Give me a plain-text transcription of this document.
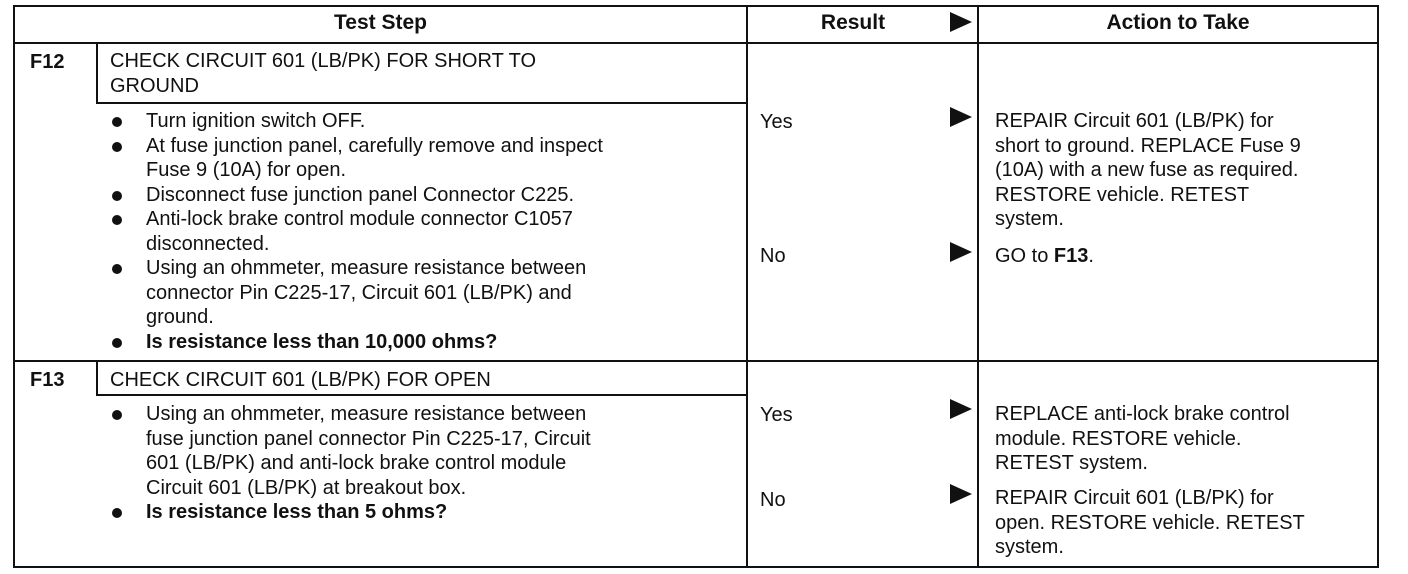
Test Step	Result	Action to Take
F12 CHECK CIRCUIT 601 (LB/PK) FOR SHORT TO
GROUND
Turn ignition switch OFF.
At fuse junction panel, carefully remove and inspect
Fuse 9 (10A) for open.
Disconnect fuse junction panel Connector C225.
Anti-lock brake control module connector C1057
disconnected.
Using an ohmmeter, measure resistance between
connector Pin C225-17, Circuit 601 (LB/PK) and
ground.
Is resistance less than 10,000 ohms?
Yes	REPAIR Circuit 601 (LB/PK) for
short to ground. REPLACE Fuse 9
(10A) with a new fuse as required.
RESTORE vehicle. RETEST
system.
No	GO to F13.
F13 CHECK CIRCUIT 601 (LB/PK) FOR OPEN
Using an ohmmeter, measure resistance between
fuse junction panel connector Pin C225-17, Circuit
601 (LB/PK) and anti-lock brake control module
Circuit 601 (LB/PK) at breakout box.
Is resistance less than 5 ohms?
Yes	REPLACE anti-lock brake control
module. RESTORE vehicle.
RETEST system.
No	REPAIR Circuit 601 (LB/PK) for
open. RESTORE vehicle. RETEST
system.
